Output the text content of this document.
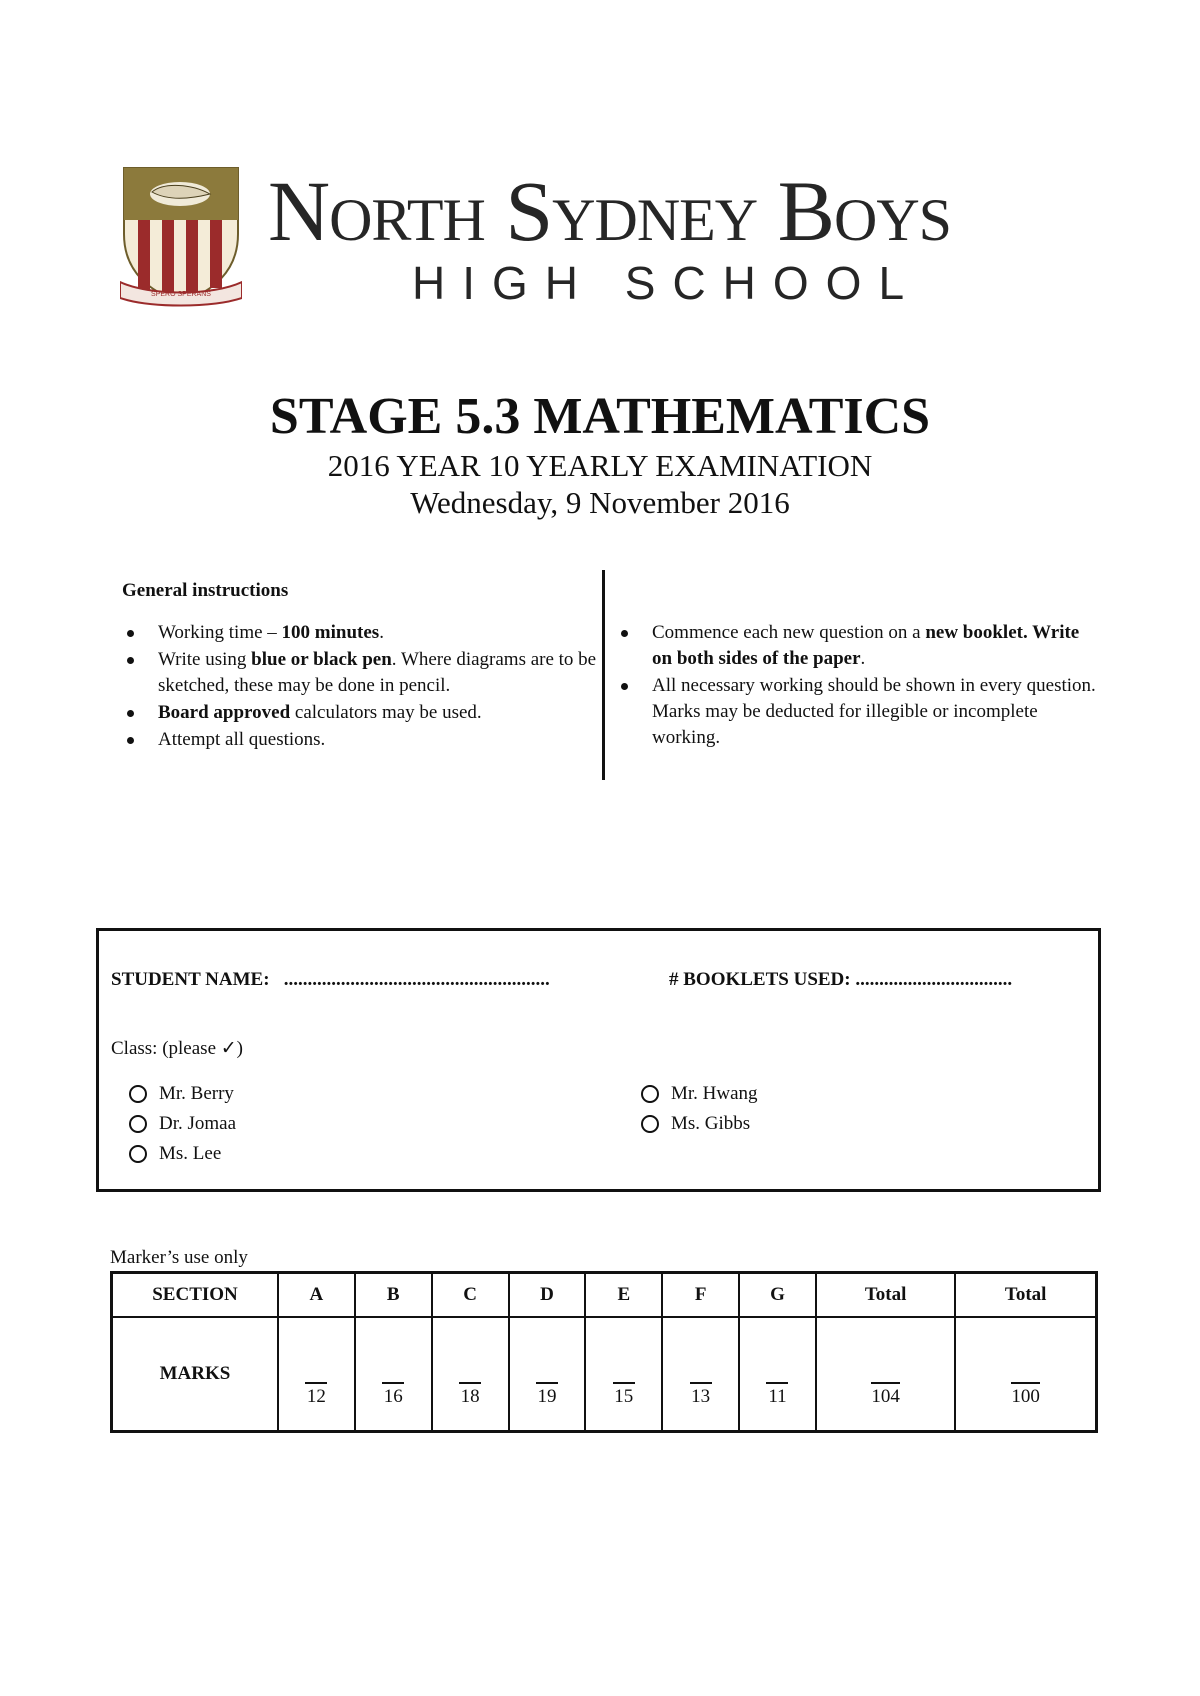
SPERO SPERANS
North Sydney Boys
HIGH SCHOOL
STAGE 5.3 MATHEMATICS
2016 YEAR 10 YEARLY EXAMINATION
Wednesday, 9 November 2016
General instructions
Working time – 100 minutes.
Write using blue or black pen. Where diagrams are to be sketched, these may be done in pencil.
Board approved calculators may be used.
Attempt all questions.
Commence each new question on a new booklet. Write on both sides of the paper.
All necessary working should be shown in every question. Marks may be deducted for illegible or incomplete working.
STUDENT NAME: ........................................................	# BOOKLETS USED: .................................
Class: (please ✓)
Mr. Berry
Dr. Jomaa
Ms. Lee
Mr. Hwang
Ms. Gibbs
Marker’s use only
SECTION	A	B	C	D	E	F	G	Total	Total
MARKS	12	16	18	19	15	13	11	104	100
